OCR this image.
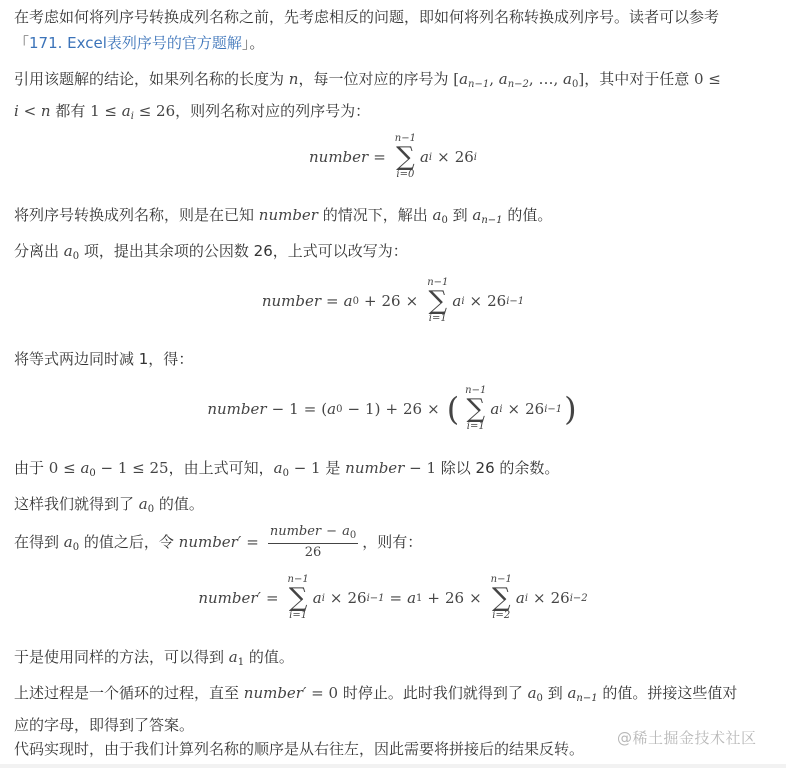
在考虑如何将列序号转换成列名称之前，先考虑相反的问题，即如何将列名称转换成列序号。读者可以参考
「171. Excel表列序号的官方题解」。
引用该题解的结论，如果列名称的长度为 n，每一位对应的序号为 [$a_{n-1}$, $a_{n-2}$, …, $a_0$]，其中对于任意 0 ≤
i < n 都有 $1 \le a_i \le 26$，则列名称对应的列序号为：
number =
n−1
∑
i=0
a i × 26 i
将列序号转换成列名称，则是在已知 number 的情况下，解出 $a_0$ 到 $a_{n-1}$ 的值。
分离出 $a_0$ 项，提出其余项的公因数 26，上式可以改写为：
number = a 0 + 26 ×
n−1
∑
i=1
a i × 26 i−1
将等式两边同时减 1，得：
number − 1 = ( a 0 − 1 ) + 26 × ( n−1
∑
i=1
a i × 26 i−1 )
由于 $0 \le a_0 - 1 \le 25$，由上式可知，$a_0 - 1$ 是 number − 1 除以 26 的余数。
这样我们就得到了 $a_0$ 的值。
在得到 $a_0$ 的值之后，令 number′ = $\frac{number - a_0}{26}$ ，则有：
number′ =
n−1
∑
i=1
a i × 26 i−1 = a 1 + 26 ×
n−1
∑
i=2
a i × 26 i−2
于是使用同样的方法，可以得到 $a_1$ 的值。
上述过程是一个循环的过程，直至 number′ = 0 时停止。此时我们就得到了 $a_0$ 到 $a_{n-1}$ 的值。拼接这些值对
应的字母，即得到了答案。
代码实现时，由于我们计算列名称的顺序是从右往左，因此需要将拼接后的结果反转。
@稀土掘金技术社区
